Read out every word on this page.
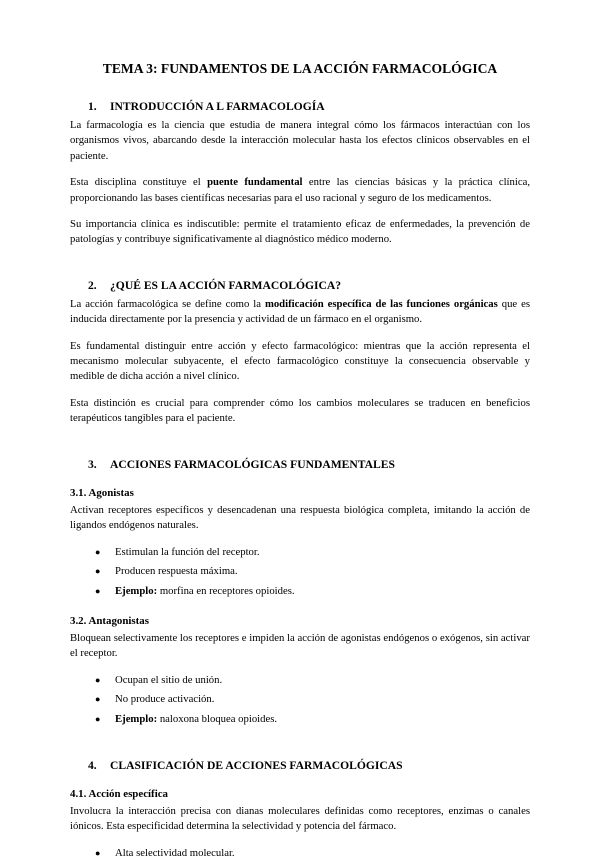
TEMA 3: FUNDAMENTOS DE LA ACCIÓN FARMACOLÓGICA
1.	INTRODUCCIÓN A L FARMACOLOGÍA

La farmacología es la ciencia que estudia de manera integral cómo los fármacos interactúan con los organismos vivos, abarcando desde la interacción molecular hasta los efectos clínicos observables en el paciente.

Esta disciplina constituye el puente fundamental entre las ciencias básicas y la práctica clínica, proporcionando las bases científicas necesarias para el uso racional y seguro de los medicamentos.

Su importancia clínica es indiscutible: permite el tratamiento eficaz de enfermedades, la prevención de patologías y contribuye significativamente al diagnóstico médico moderno.

2.	¿QUÉ ES LA ACCIÓN FARMACOLÓGICA?

La acción farmacológica se define como la modificación específica de las funciones orgánicas que es inducida directamente por la presencia y actividad de un fármaco en el organismo.

Es fundamental distinguir entre acción y efecto farmacológico: mientras que la acción representa el mecanismo molecular subyacente, el efecto farmacológico constituye la consecuencia observable y medible de dicha acción a nivel clínico.

Esta distinción es crucial para comprender cómo los cambios moleculares se traducen en beneficios terapéuticos tangibles para el paciente.

3.	ACCIONES FARMACOLÓGICAS FUNDAMENTALES
3.1. Agonistas

Activan receptores específicos y desencadenan una respuesta biológica completa, imitando la acción de ligandos endógenos naturales.

●	Estimulan la función del receptor.
●	Producen respuesta máxima.
●	Ejemplo: morfina en receptores opioides.
3.2. Antagonistas

Bloquean selectivamente los receptores e impiden la acción de agonistas endógenos o exógenos, sin activar el receptor.

●	Ocupan el sitio de unión.
●	No produce activación.
●	Ejemplo: naloxona bloquea opioides.
4.	CLASIFICACIÓN DE ACCIONES FARMACOLÓGICAS
4.1. Acción específica

Involucra la interacción precisa con dianas moleculares definidas como receptores, enzimas o canales iónicos. Esta especificidad determina la selectividad y potencia del fármaco.

●	Alta selectividad molecular.
